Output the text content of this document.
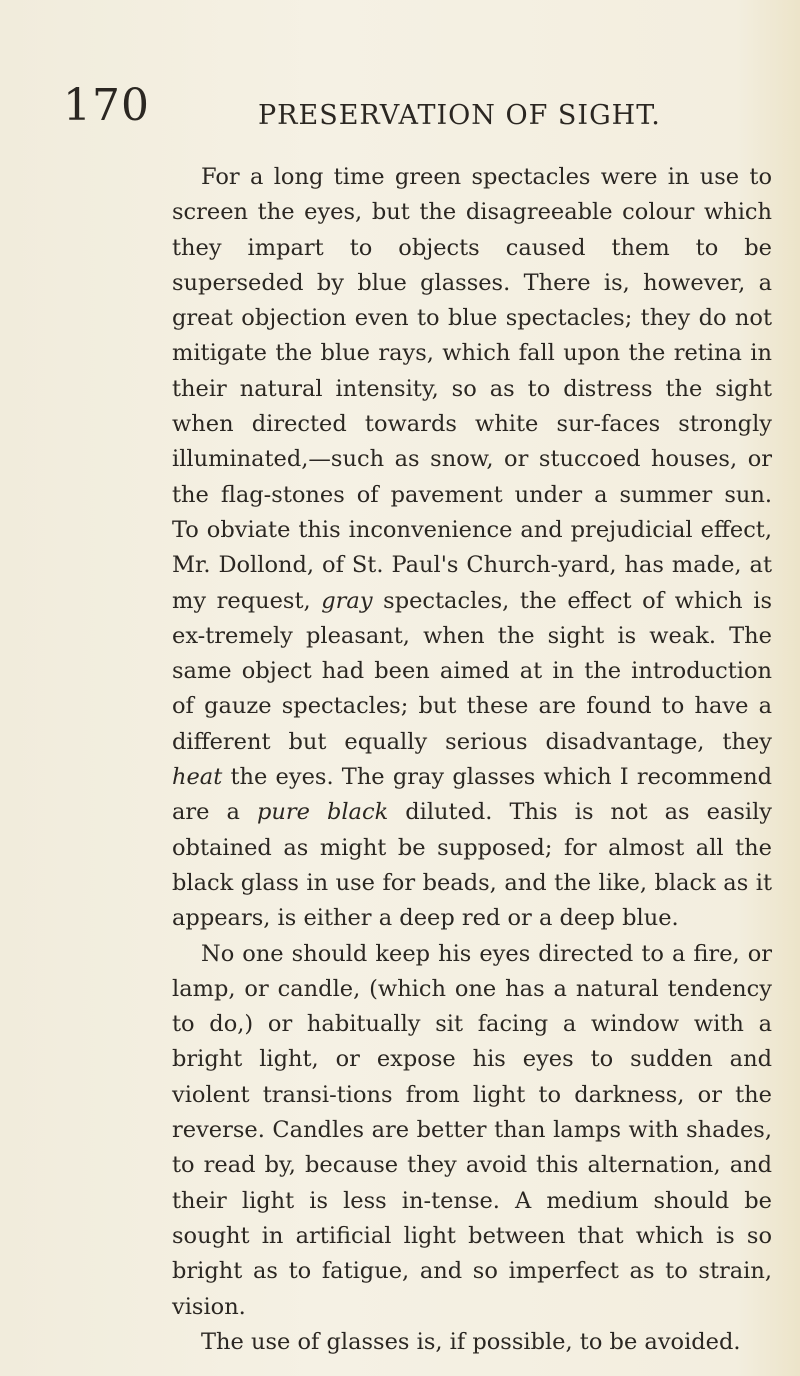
170	PRESERVATION OF SIGHT.

For a long time green spectacles were in use to screen the eyes, but the disagreeable colour which they impart to objects caused them to be superseded by blue glasses. There is, however, a great objection even to blue spectacles; they do not mitigate the blue rays, which fall upon the retina in their natural intensity, so as to distress the sight when directed towards white sur-faces strongly illuminated,—such as snow, or stuccoed houses, or the flag-stones of pavement under a summer sun. To obviate this inconvenience and prejudicial effect, Mr. Dollond, of St. Paul's Church-yard, has made, at my request, gray spectacles, the effect of which is ex-tremely pleasant, when the sight is weak. The same object had been aimed at in the introduction of gauze spectacles; but these are found to have a different but equally serious disadvantage, they heat the eyes. The gray glasses which I recommend are a pure black diluted. This is not as easily obtained as might be supposed; for almost all the black glass in use for beads, and the like, black as it appears, is either a deep red or a deep blue.

No one should keep his eyes directed to a fire, or lamp, or candle, (which one has a natural tendency to do,) or habitually sit facing a window with a bright light, or expose his eyes to sudden and violent transi-tions from light to darkness, or the reverse. Candles are better than lamps with shades, to read by, because they avoid this alternation, and their light is less in-tense. A medium should be sought in artificial light between that which is so bright as to fatigue, and so imperfect as to strain, vision.

The use of glasses is, if possible, to be avoided.
